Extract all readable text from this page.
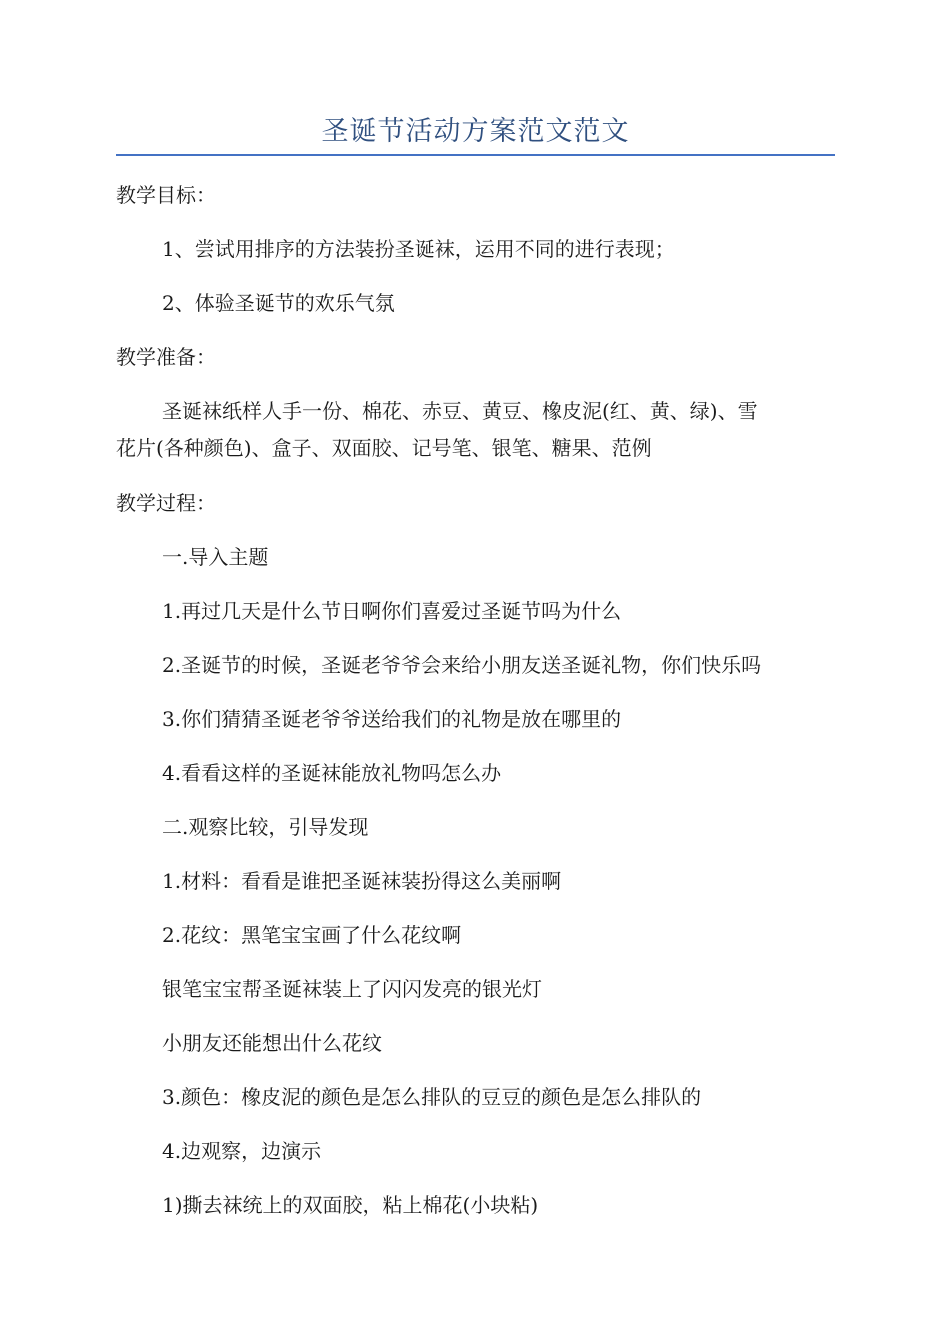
圣诞节活动方案范文范文
教学目标：
1、尝试用排序的方法装扮圣诞袜，运用不同的进行表现；
2、体验圣诞节的欢乐气氛
教学准备：
圣诞袜纸样人手一份、棉花、赤豆、黄豆、橡皮泥(红、黄、绿)、雪
花片(各种颜色)、盒子、双面胶、记号笔、银笔、糖果、范例
教学过程：
一.导入主题
1.再过几天是什么节日啊你们喜爱过圣诞节吗为什么
2.圣诞节的时候，圣诞老爷爷会来给小朋友送圣诞礼物，你们快乐吗
3.你们猜猜圣诞老爷爷送给我们的礼物是放在哪里的
4.看看这样的圣诞袜能放礼物吗怎么办
二.观察比较，引导发现
1.材料：看看是谁把圣诞袜装扮得这么美丽啊
2.花纹：黑笔宝宝画了什么花纹啊
银笔宝宝帮圣诞袜装上了闪闪发亮的银光灯
小朋友还能想出什么花纹
3.颜色：橡皮泥的颜色是怎么排队的豆豆的颜色是怎么排队的
4.边观察，边演示
1)撕去袜统上的双面胶，粘上棉花(小块粘)
